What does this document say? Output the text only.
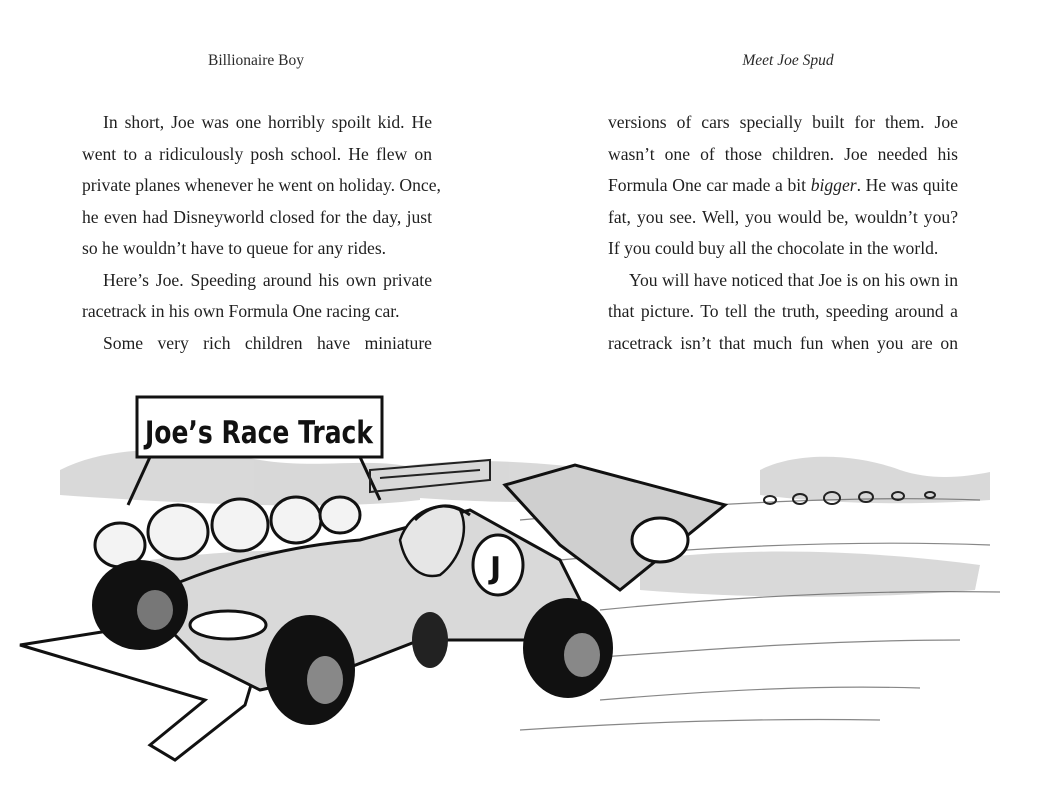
Billionaire Boy	Meet Joe Spud
In short, Joe was one horribly spoilt kid. He
went to a ridiculously posh school. He flew on
private planes whenever he went on holiday. Once,
he even had Disneyworld closed for the day, just
so he wouldn’t have to queue for any rides.
Here’s Joe. Speeding around his own private
racetrack in his own Formula One racing car.
Some very rich children have miniature
versions of cars specially built for them. Joe
wasn’t one of those children. Joe needed his
Formula One car made a bit bigger. He was quite
fat, you see. Well, you would be, wouldn’t you?
If you could buy all the chocolate in the world.
You will have noticed that Joe is on his own in
that picture. To tell the truth, speeding around a
racetrack isn’t that much fun when you are on
Joe’s Race Track
J
